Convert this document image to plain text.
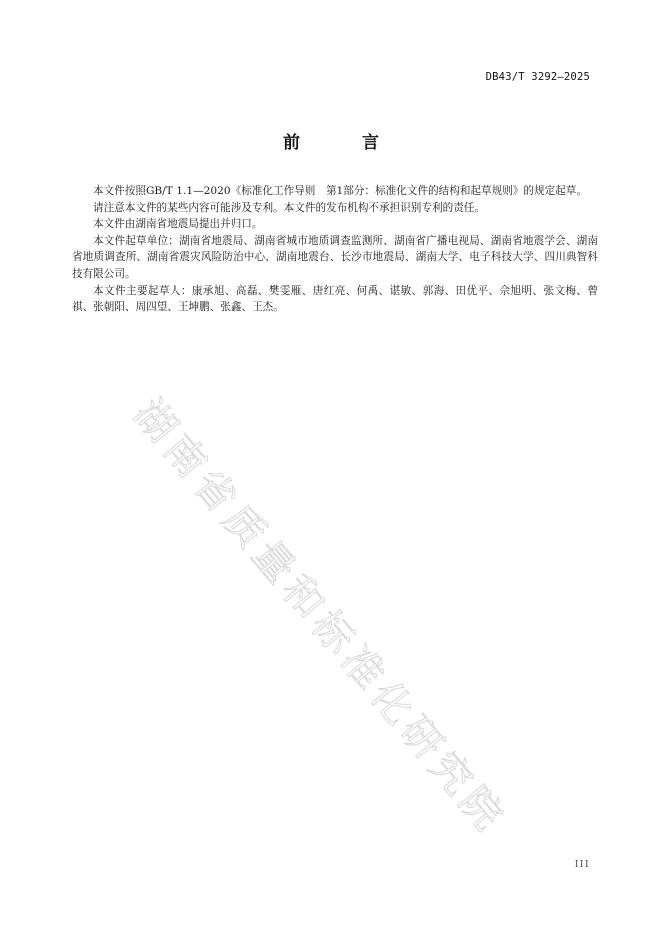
DB43/T 3292—2025
前 言

本文件按照GB/T 1.1—2020《标准化工作导则　第1部分：标准化文件的结构和起草规则》的规定起草。

请注意本文件的某些内容可能涉及专利。本文件的发布机构不承担识别专利的责任。

本文件由湖南省地震局提出并归口。

本文件起草单位：湖南省地震局、湖南省城市地质调查监测所、湖南省广播电视局、湖南省地震学会、湖南省地质调查所、湖南省震灾风险防治中心、湖南地震台、长沙市地震局、湖南大学、电子科技大学、四川典智科技有限公司。

本文件主要起草人：康承旭、高磊、樊雯雁、唐红亮、何禹、谌敏、郭海、田优平、佘旭明、张文梅、曾祺、张朝阳、周四望、王坤鹏、张鑫、王杰。

湖南省质量和标准化研究院
III
